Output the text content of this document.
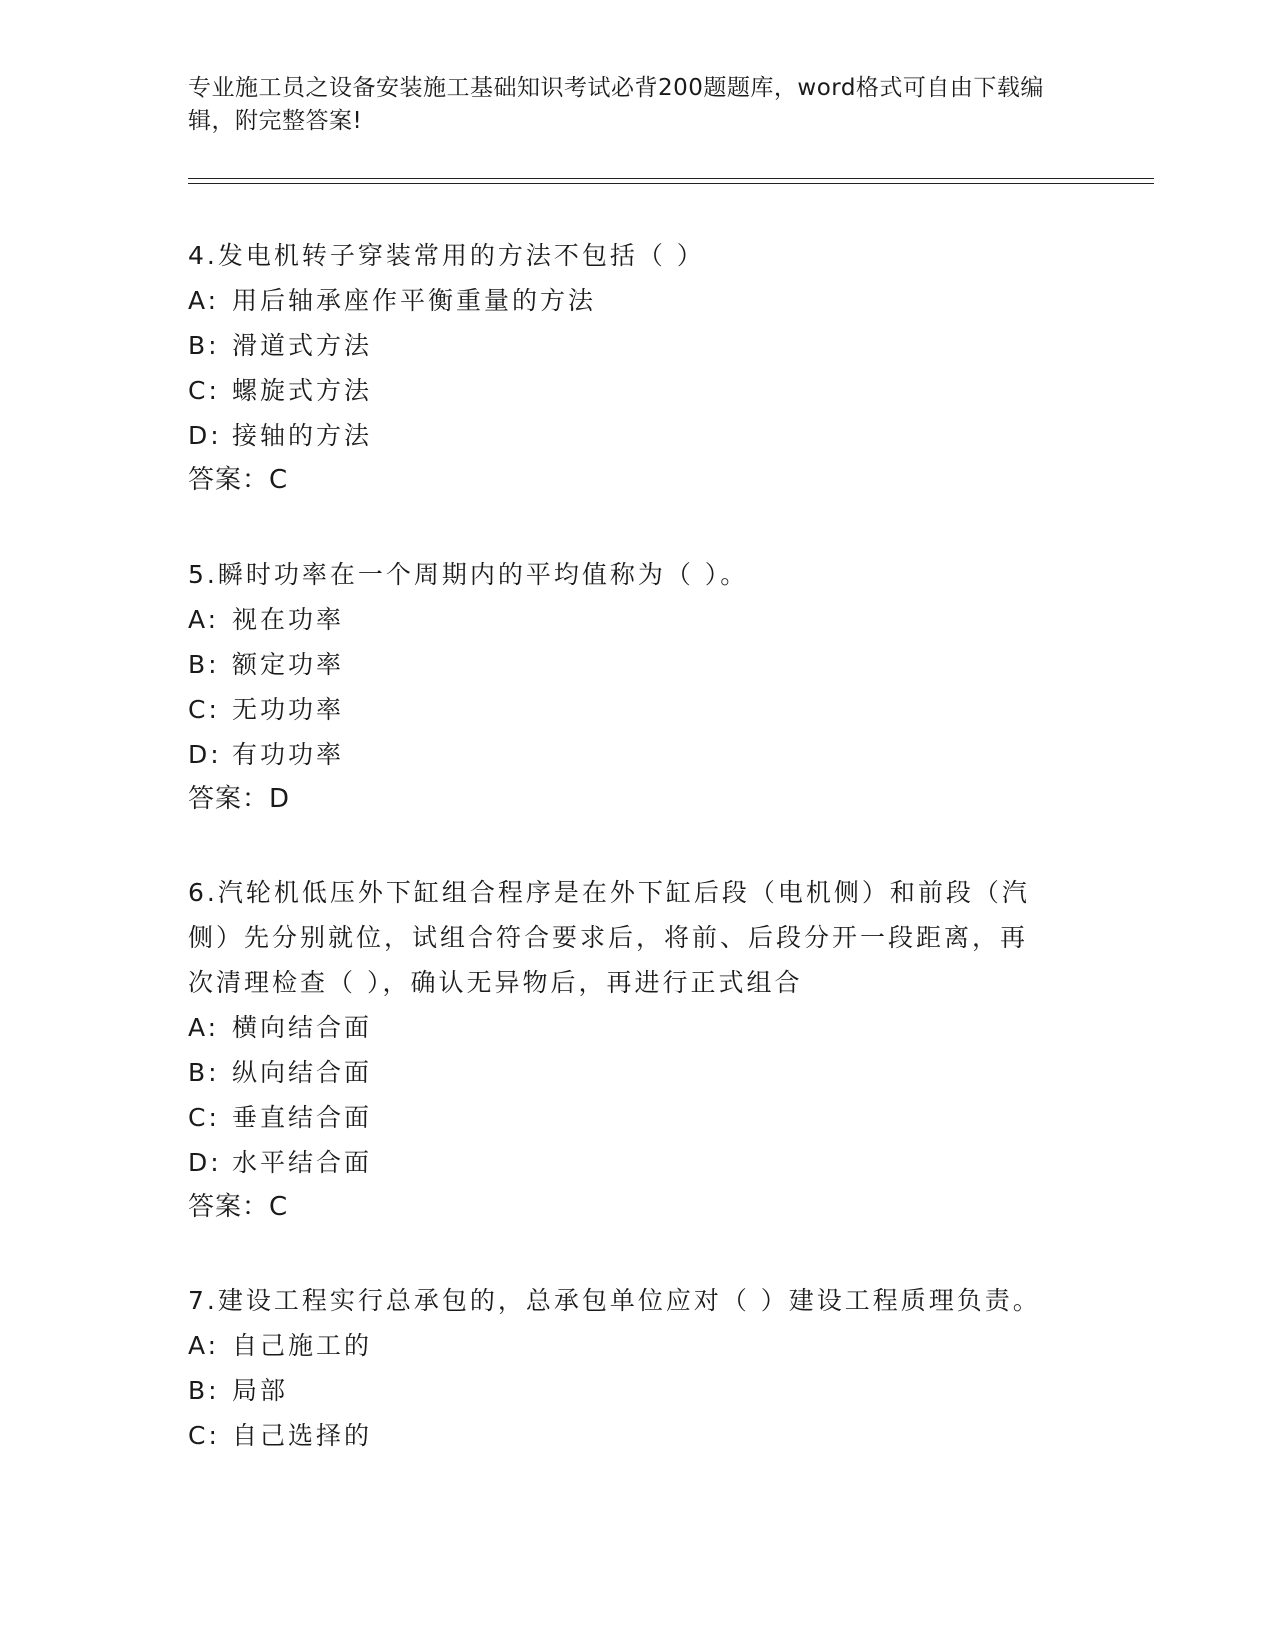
专业施工员之设备安装施工基础知识考试必背200题题库，word格式可自由下载编辑，附完整答案!

4.发电机转子穿装常用的方法不包括（ ）

A: 用后轴承座作平衡重量的方法

B: 滑道式方法

C: 螺旋式方法

D: 接轴的方法

答案：C

5.瞬时功率在一个周期内的平均值称为（ ）。

A: 视在功率

B: 额定功率

C: 无功功率

D: 有功功率

答案：D

6.汽轮机低压外下缸组合程序是在外下缸后段（电机侧）和前段（汽侧）先分别就位，试组合符合要求后，将前、后段分开一段距离，再次清理检查（ ），确认无异物后，再进行正式组合

A: 横向结合面

B: 纵向结合面

C: 垂直结合面

D: 水平结合面

答案：C

7.建设工程实行总承包的，总承包单位应对（ ）建设工程质理负责。

A: 自己施工的

B: 局部

C: 自己选择的
